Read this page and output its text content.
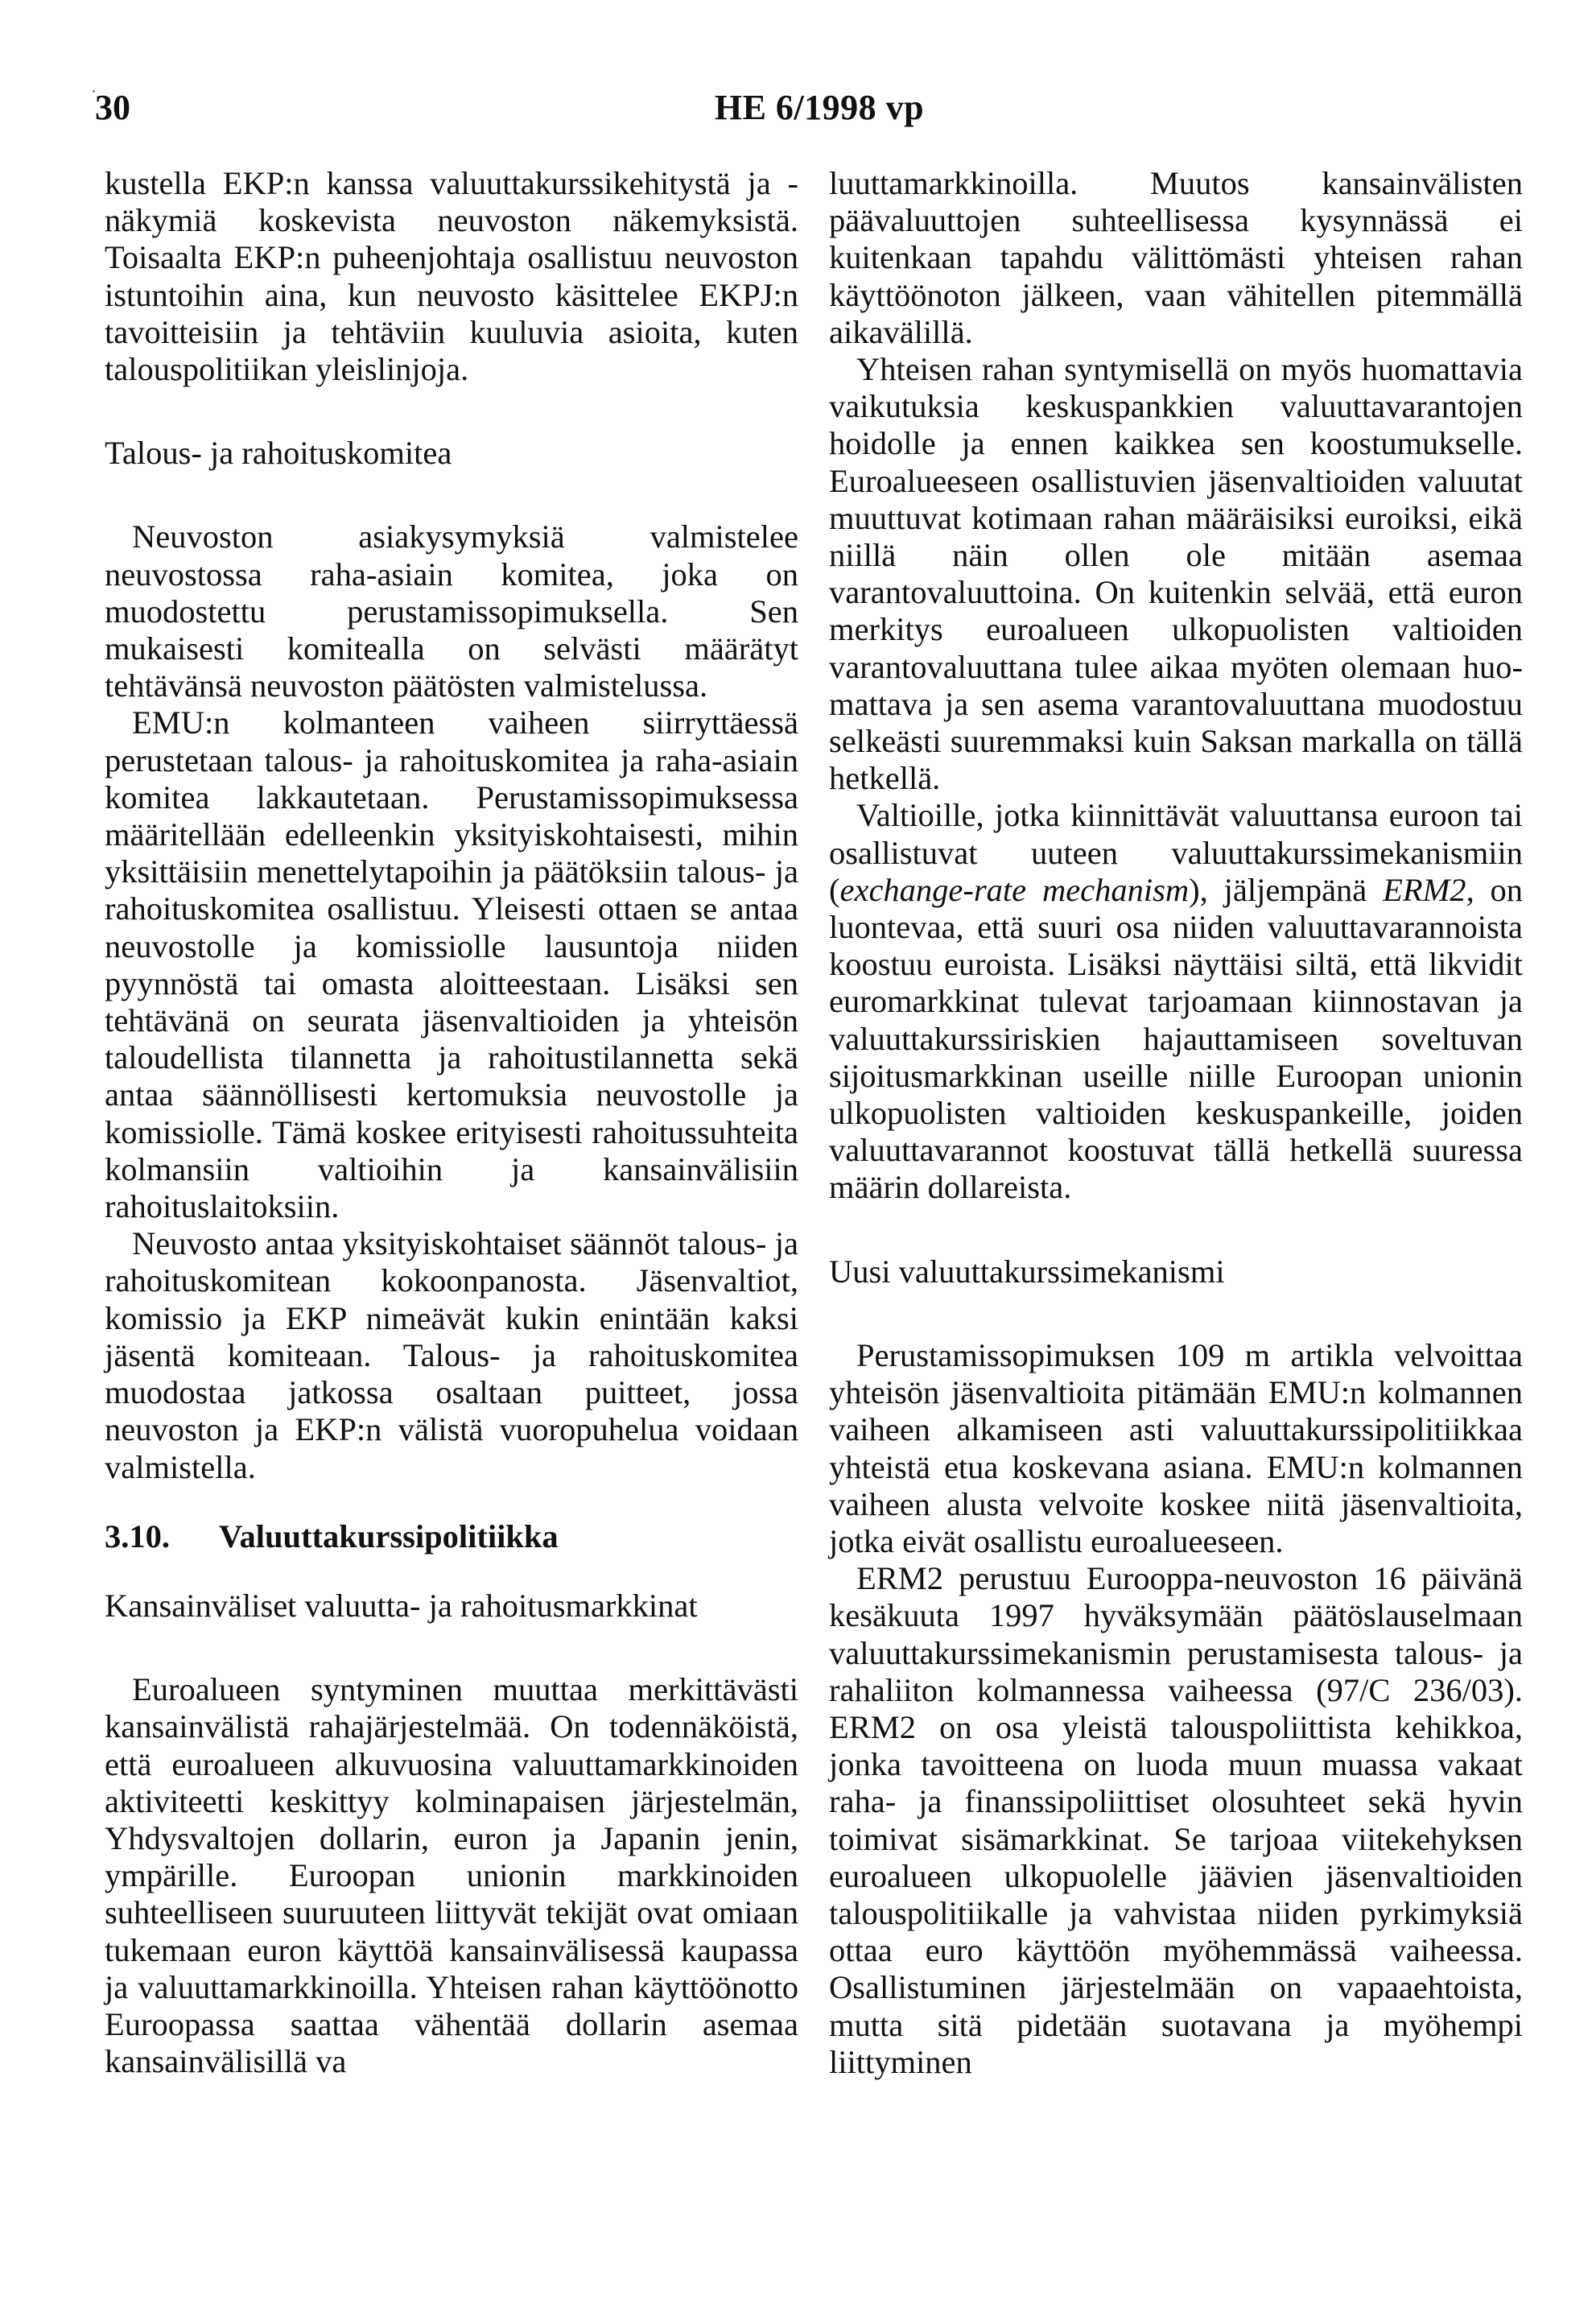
30	HE 6/1998 vp

kustella EKP:n kanssa valuuttakurssikehitystä ja -näkymiä koskevista neuvoston näkemyksistä. Toisaalta EKP:n puheenjohtaja osallistuu neuvoston istuntoihin aina, kun neuvosto käsittelee EKPJ:n tavoitteisiin ja tehtäviin kuuluvia asioita, kuten talouspolitiikan yleislinjoja.

Talous- ja rahoituskomitea

Neuvoston asiakysymyksiä valmistelee neuvostossa raha-asiain komitea, joka on muodostettu perustamissopimuksella. Sen mukaisesti komitealla on selvästi määrätyt tehtävänsä neuvoston päätösten valmistelussa.

EMU:n kolmanteen vaiheen siirryttäessä perustetaan talous- ja rahoituskomitea ja raha-asiain komitea lakkautetaan. Perustamissopimuksessa määritellään edelleenkin yksityiskohtaisesti, mihin yksittäisiin menettelytapoihin ja päätöksiin talous- ja rahoituskomitea osallistuu. Yleisesti ottaen se antaa neuvostolle ja komissiolle lausuntoja niiden pyynnöstä tai omasta aloitteestaan. Lisäksi sen tehtävänä on seurata jäsenvaltioiden ja yhteisön taloudellista tilannetta ja rahoitustilannetta sekä antaa säännöllisesti kertomuksia neuvostolle ja komissiolle. Tämä koskee erityisesti rahoitussuhteita kolmansiin valtioihin ja kansainvälisiin rahoituslaitoksiin.

Neuvosto antaa yksityiskohtaiset säännöt talous- ja rahoituskomitean kokoonpanosta. Jäsenvaltiot, komissio ja EKP nimeävät kukin enintään kaksi jäsentä komiteaan. Talous- ja rahoituskomitea muodostaa jatkossa osaltaan puitteet, jossa neuvoston ja EKP:n välistä vuoropuhelua voidaan valmistella.

3.10.	Valuuttakurssipolitiikka
Kansainväliset valuutta- ja rahoitusmarkkinat

Euroalueen syntyminen muuttaa merkittävästi kansainvälistä rahajärjestelmää. On todennäköistä, että euroalueen alkuvuosina valuuttamarkkinoiden aktiviteetti keskittyy kolminapaisen järjestelmän, Yhdysvaltojen dollarin, euron ja Japanin jenin, ympärille. Euroopan unionin markkinoiden suhteelliseen suuruuteen liittyvät tekijät ovat omiaan tukemaan euron käyttöä kansainvälisessä kaupassa ja valuuttamarkkinoilla. Yhteisen rahan käyttöönotto Euroopassa saattaa vähentää dollarin asemaa kansainvälisillä va

luuttamarkkinoilla. Muutos kansainvälisten päävaluuttojen suhteellisessa kysynnässä ei kuitenkaan tapahdu välittömästi yhteisen rahan käyttöönoton jälkeen, vaan vähitellen pitemmällä aikavälillä.

Yhteisen rahan syntymisellä on myös huomattavia vaikutuksia keskuspankkien valuuttavarantojen hoidolle ja ennen kaikkea sen koostumukselle. Euroalueeseen osallistuvien jäsenvaltioiden valuutat muuttuvat kotimaan rahan määräisiksi euroiksi, eikä niillä näin ollen ole mitään asemaa varantovaluuttoina. On kuitenkin selvää, että euron merkitys euroalueen ulkopuolisten valtioiden varantovaluuttana tulee aikaa myöten olemaan huomattava ja sen asema varantovaluuttana muodostuu selkeästi suuremmaksi kuin Saksan markalla on tällä hetkellä.

Valtioille, jotka kiinnittävät valuuttansa euroon tai osallistuvat uuteen valuuttakurssimekanismiin (exchange-rate mechanism), jäljempänä ERM2, on luontevaa, että suuri osa niiden valuuttavarannoista koostuu euroista. Lisäksi näyttäisi siltä, että likvidit euromarkkinat tulevat tarjoamaan kiinnostavan ja valuuttakurssiriskien hajauttamiseen soveltuvan sijoitusmarkkinan useille niille Euroopan unionin ulkopuolisten valtioiden keskuspankeille, joiden valuuttavarannot koostuvat tällä hetkellä suuressa määrin dollareista.

Uusi valuuttakurssimekanismi

Perustamissopimuksen 109 m artikla velvoittaa yhteisön jäsenvaltioita pitämään EMU:n kolmannen vaiheen alkamiseen asti valuuttakurssipolitiikkaa yhteistä etua koskevana asiana. EMU:n kolmannen vaiheen alusta velvoite koskee niitä jäsenvaltioita, jotka eivät osallistu euroalueeseen.

ERM2 perustuu Eurooppa-neuvoston 16 päivänä kesäkuuta 1997 hyväksymään päätöslauselmaan valuuttakurssimekanismin perustamisesta talous- ja rahaliiton kolmannessa vaiheessa (97/C 236/03). ERM2 on osa yleistä talouspoliittista kehikkoa, jonka tavoitteena on luoda muun muassa vakaat raha- ja finanssipoliittiset olosuhteet sekä hyvin toimivat sisämarkkinat. Se tarjoaa viitekehyksen euroalueen ulkopuolelle jäävien jäsenvaltioiden talouspolitiikalle ja vahvistaa niiden pyrkimyksiä ottaa euro käyttöön myöhemmässä vaiheessa. Osallistuminen järjestelmään on vapaaehtoista, mutta sitä pidetään suotavana ja myöhempi liittyminen
